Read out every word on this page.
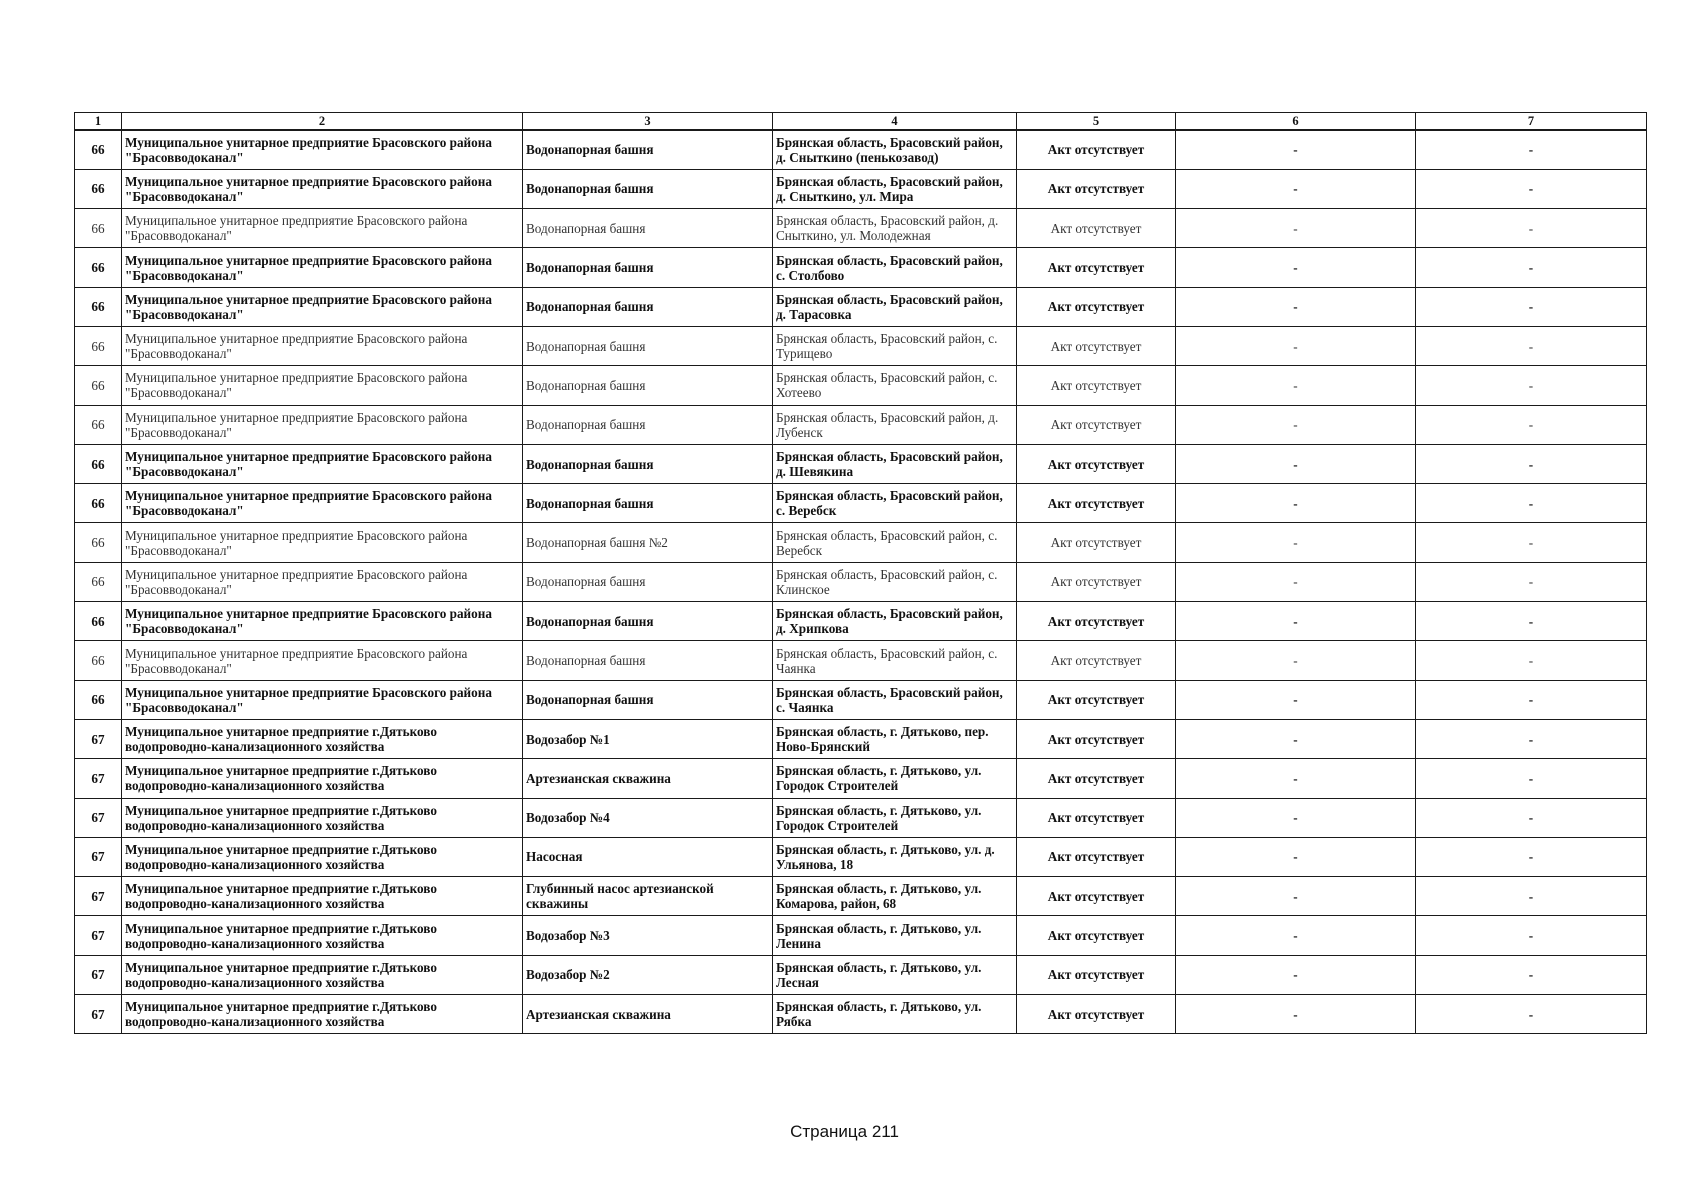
1	2	3	4	5	6	7
66	Муниципальное унитарное предприятие Брасовского района "Брасовводоканал"	Водонапорная башня	Брянская область, Брасовский район, д. Сныткино (пенькозавод)	Акт отсутствует	-	-
66	Муниципальное унитарное предприятие Брасовского района "Брасовводоканал"	Водонапорная башня	Брянская область, Брасовский район, д. Сныткино, ул. Мира	Акт отсутствует	-	-
66	Муниципальное унитарное предприятие Брасовского района "Брасовводоканал"	Водонапорная башня	Брянская область, Брасовский район, д. Сныткино, ул. Молодежная	Акт отсутствует	-	-
66	Муниципальное унитарное предприятие Брасовского района "Брасовводоканал"	Водонапорная башня	Брянская область, Брасовский район, с. Столбово	Акт отсутствует	-	-
66	Муниципальное унитарное предприятие Брасовского района "Брасовводоканал"	Водонапорная башня	Брянская область, Брасовский район, д. Тарасовка	Акт отсутствует	-	-
66	Муниципальное унитарное предприятие Брасовского района "Брасовводоканал"	Водонапорная башня	Брянская область, Брасовский район, с. Турищево	Акт отсутствует	-	-
66	Муниципальное унитарное предприятие Брасовского района "Брасовводоканал"	Водонапорная башня	Брянская область, Брасовский район, с. Хотеево	Акт отсутствует	-	-
66	Муниципальное унитарное предприятие Брасовского района "Брасовводоканал"	Водонапорная башня	Брянская область, Брасовский район, д. Лубенск	Акт отсутствует	-	-
66	Муниципальное унитарное предприятие Брасовского района "Брасовводоканал"	Водонапорная башня	Брянская область, Брасовский район, д. Шевякина	Акт отсутствует	-	-
66	Муниципальное унитарное предприятие Брасовского района "Брасовводоканал"	Водонапорная башня	Брянская область, Брасовский район, с. Веребск	Акт отсутствует	-	-
66	Муниципальное унитарное предприятие Брасовского района "Брасовводоканал"	Водонапорная башня №2	Брянская область, Брасовский район, с. Веребск	Акт отсутствует	-	-
66	Муниципальное унитарное предприятие Брасовского района "Брасовводоканал"	Водонапорная башня	Брянская область, Брасовский район, с. Клинское	Акт отсутствует	-	-
66	Муниципальное унитарное предприятие Брасовского района "Брасовводоканал"	Водонапорная башня	Брянская область, Брасовский район, д. Хрипкова	Акт отсутствует	-	-
66	Муниципальное унитарное предприятие Брасовского района "Брасовводоканал"	Водонапорная башня	Брянская область, Брасовский район, с. Чаянка	Акт отсутствует	-	-
66	Муниципальное унитарное предприятие Брасовского района "Брасовводоканал"	Водонапорная башня	Брянская область, Брасовский район, с. Чаянка	Акт отсутствует	-	-
67	Муниципальное унитарное предприятие г.Дятьково водопроводно-канализационного хозяйства	Водозабор №1	Брянская область, г. Дятьково, пер. Ново-Брянский	Акт отсутствует	-	-
67	Муниципальное унитарное предприятие г.Дятьково водопроводно-канализационного хозяйства	Артезианская скважина	Брянская область, г. Дятьково, ул. Городок Строителей	Акт отсутствует	-	-
67	Муниципальное унитарное предприятие г.Дятьково водопроводно-канализационного хозяйства	Водозабор №4	Брянская область, г. Дятьково, ул. Городок Строителей	Акт отсутствует	-	-
67	Муниципальное унитарное предприятие г.Дятьково водопроводно-канализационного хозяйства	Насосная	Брянская область, г. Дятьково, ул. д. Ульянова, 18	Акт отсутствует	-	-
67	Муниципальное унитарное предприятие г.Дятьково водопроводно-канализационного хозяйства	Глубинный насос артезианской скважины	Брянская область, г. Дятьково, ул. Комарова, район, 68	Акт отсутствует	-	-
67	Муниципальное унитарное предприятие г.Дятьково водопроводно-канализационного хозяйства	Водозабор №3	Брянская область, г. Дятьково, ул. Ленина	Акт отсутствует	-	-
67	Муниципальное унитарное предприятие г.Дятьково водопроводно-канализационного хозяйства	Водозабор №2	Брянская область, г. Дятьково, ул. Лесная	Акт отсутствует	-	-
67	Муниципальное унитарное предприятие г.Дятьково водопроводно-канализационного хозяйства	Артезианская скважина	Брянская область, г. Дятьково, ул. Рябка	Акт отсутствует	-	-
Страница 211
